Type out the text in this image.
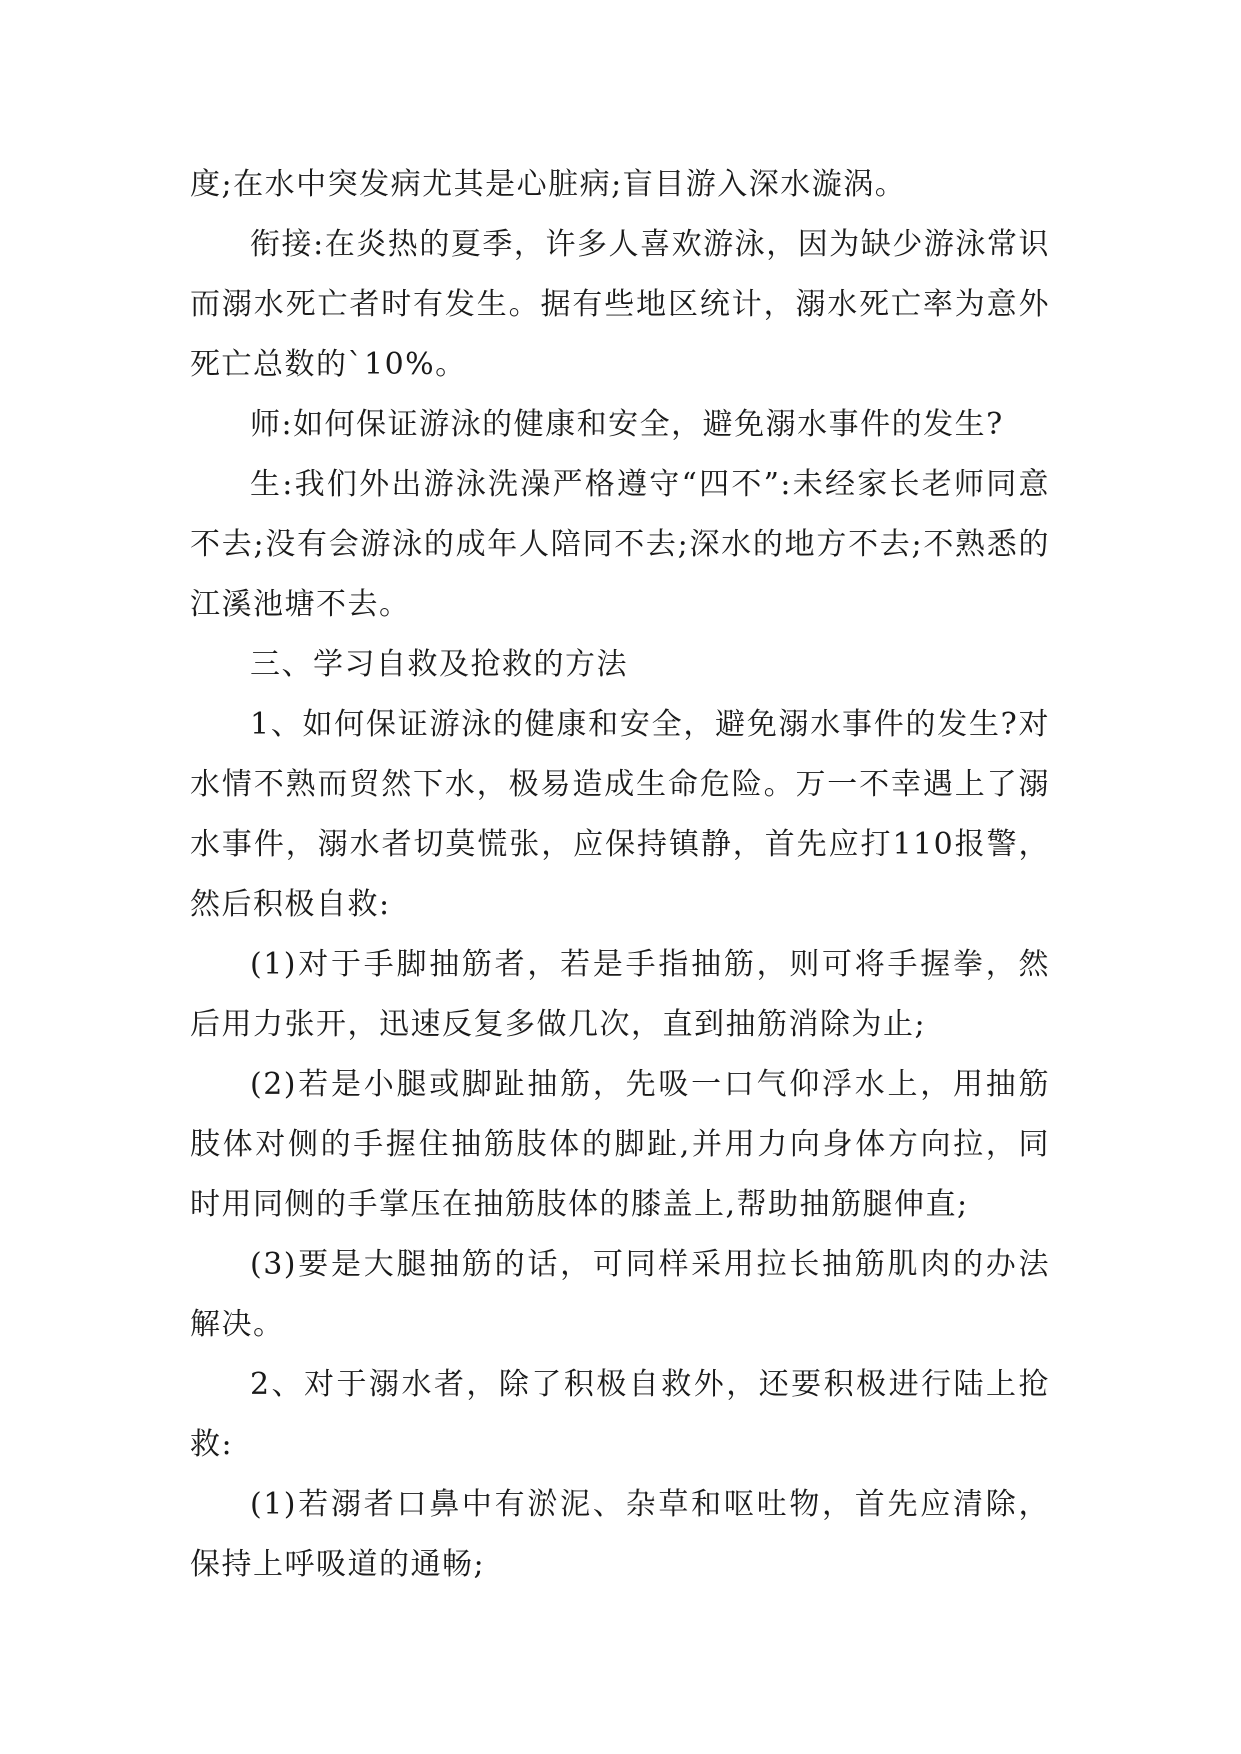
度;在水中突发病尤其是心脏病;盲目游入深水漩涡。

衔接:在炎热的夏季，许多人喜欢游泳，因为缺少游泳常识而溺水死亡者时有发生。据有些地区统计，溺水死亡率为意外死亡总数的`10%。

师:如何保证游泳的健康和安全，避免溺水事件的发生?

生:我们外出游泳洗澡严格遵守“四不”:未经家长老师同意不去;没有会游泳的成年人陪同不去;深水的地方不去;不熟悉的江溪池塘不去。

三、学习自救及抢救的方法

1、如何保证游泳的健康和安全，避免溺水事件的发生?对水情不熟而贸然下水，极易造成生命危险。万一不幸遇上了溺水事件，溺水者切莫慌张，应保持镇静，首先应打110报警，然后积极自救:

(1)对于手脚抽筋者，若是手指抽筋，则可将手握拳，然后用力张开，迅速反复多做几次，直到抽筋消除为止;

(2)若是小腿或脚趾抽筋，先吸一口气仰浮水上，用抽筋肢体对侧的手握住抽筋肢体的脚趾,并用力向身体方向拉，同时用同侧的手掌压在抽筋肢体的膝盖上,帮助抽筋腿伸直;

(3)要是大腿抽筋的话，可同样采用拉长抽筋肌肉的办法解决。

2、对于溺水者，除了积极自救外，还要积极进行陆上抢救:

(1)若溺者口鼻中有淤泥、杂草和呕吐物，首先应清除，保持上呼吸道的通畅;
